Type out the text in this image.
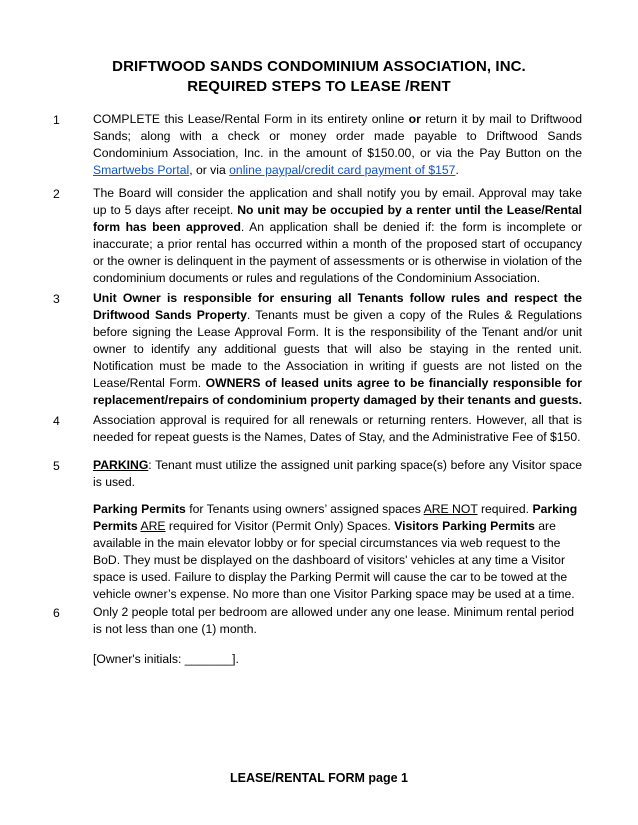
DRIFTWOOD SANDS CONDOMINIUM ASSOCIATION, INC.
REQUIRED STEPS TO LEASE /RENT
1	COMPLETE this Lease/Rental Form in its entirety online or return it by mail to Driftwood Sands; along with a check or money order made payable to Driftwood Sands Condominium Association, Inc. in the amount of $150.00, or via the Pay Button on the Smartwebs Portal, or via online paypal/credit card payment of $157.
2	The Board will consider the application and shall notify you by email. Approval may take up to 5 days after receipt. No unit may be occupied by a renter until the Lease/Rental form has been approved. An application shall be denied if: the form is incomplete or inaccurate; a prior rental has occurred within a month of the proposed start of occupancy or the owner is delinquent in the payment of assessments or is otherwise in violation of the condominium documents or rules and regulations of the Condominium Association.
3	Unit Owner is responsible for ensuring all Tenants follow rules and respect the Driftwood Sands Property. Tenants must be given a copy of the Rules & Regulations before signing the Lease Approval Form. It is the responsibility of the Tenant and/or unit owner to identify any additional guests that will also be staying in the rented unit. Notification must be made to the Association in writing if guests are not listed on the Lease/Rental Form. OWNERS of leased units agree to be financially responsible for replacement/repairs of condominium property damaged by their tenants and guests.
4	Association approval is required for all renewals or returning renters. However, all that is needed for repeat guests is the Names, Dates of Stay, and the Administrative Fee of $150.
5	PARKING: Tenant must utilize the assigned unit parking space(s) before any Visitor space is used.
Parking Permits for Tenants using owners’ assigned spaces ARE NOT required. Parking Permits ARE required for Visitor (Permit Only) Spaces. Visitors Parking Permits are available in the main elevator lobby or for special circumstances via web request to the BoD. They must be displayed on the dashboard of visitors' vehicles at any time a Visitor space is used. Failure to display the Parking Permit will cause the car to be towed at the vehicle owner’s expense. No more than one Visitor Parking space may be used at a time.
6	Only 2 people total per bedroom are allowed under any one lease. Minimum rental period is not less than one (1) month.
[Owner's initials: _______].
LEASE/RENTAL FORM page 1
